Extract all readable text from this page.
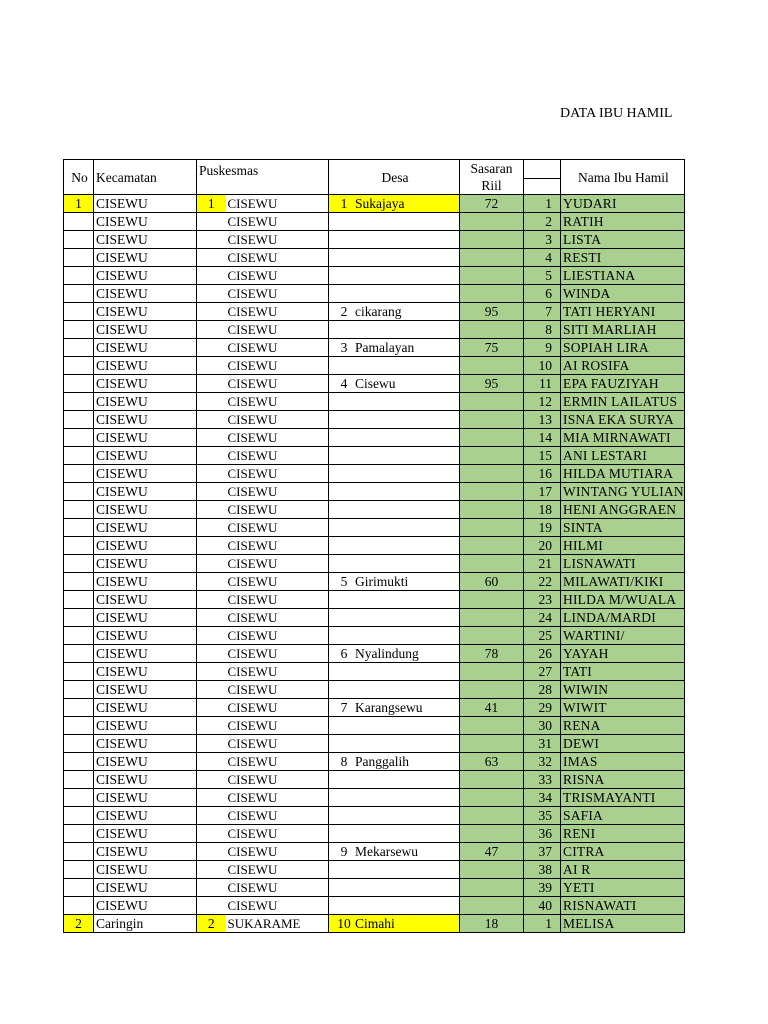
DATA IBU HAMIL
No	Kecamatan	Puskesmas		Desa	Sasaran
Riil		Nama Ibu Hamil
1	CISEWU	1	CISEWU	1 Sukajaya	72	1	YUDARI
	CISEWU		CISEWU			2	RATIH
	CISEWU		CISEWU			3	LISTA
	CISEWU		CISEWU			4	RESTI
	CISEWU		CISEWU			5	LIESTIANA
	CISEWU		CISEWU			6	WINDA
	CISEWU		CISEWU	2 cikarang	95	7	TATI HERYANI
	CISEWU		CISEWU			8	SITI MARLIAH
	CISEWU		CISEWU	3 Pamalayan	75	9	SOPIAH LIRA
	CISEWU		CISEWU			10	AI ROSIFA
	CISEWU		CISEWU	4 Cisewu	95	11	EPA FAUZIYAH
	CISEWU		CISEWU			12	ERMIN LAILATUS
	CISEWU		CISEWU			13	ISNA EKA SURYA
	CISEWU		CISEWU			14	MIA MIRNAWATI
	CISEWU		CISEWU			15	ANI LESTARI
	CISEWU		CISEWU			16	HILDA MUTIARA
	CISEWU		CISEWU			17	WINTANG YULIAN
	CISEWU		CISEWU			18	HENI ANGGRAEN
	CISEWU		CISEWU			19	SINTA
	CISEWU		CISEWU			20	HILMI
	CISEWU		CISEWU			21	LISNAWATI
	CISEWU		CISEWU	5 Girimukti	60	22	MILAWATI/KIKI
	CISEWU		CISEWU			23	HILDA M/WUALA
	CISEWU		CISEWU			24	LINDA/MARDI
	CISEWU		CISEWU			25	WARTINI/
	CISEWU		CISEWU	6 Nyalindung	78	26	YAYAH
	CISEWU		CISEWU			27	TATI
	CISEWU		CISEWU			28	WIWIN
	CISEWU		CISEWU	7 Karangsewu	41	29	WIWIT
	CISEWU		CISEWU			30	RENA
	CISEWU		CISEWU			31	DEWI
	CISEWU		CISEWU	8 Panggalih	63	32	IMAS
	CISEWU		CISEWU			33	RISNA
	CISEWU		CISEWU			34	TRISMAYANTI
	CISEWU		CISEWU			35	SAFIA
	CISEWU		CISEWU			36	RENI
	CISEWU		CISEWU	9 Mekarsewu	47	37	CITRA
	CISEWU		CISEWU			38	AI R
	CISEWU		CISEWU			39	YETI
	CISEWU		CISEWU			40	RISNAWATI
2	Caringin	2	SUKARAME	10 Cimahi	18	1	MELISA
